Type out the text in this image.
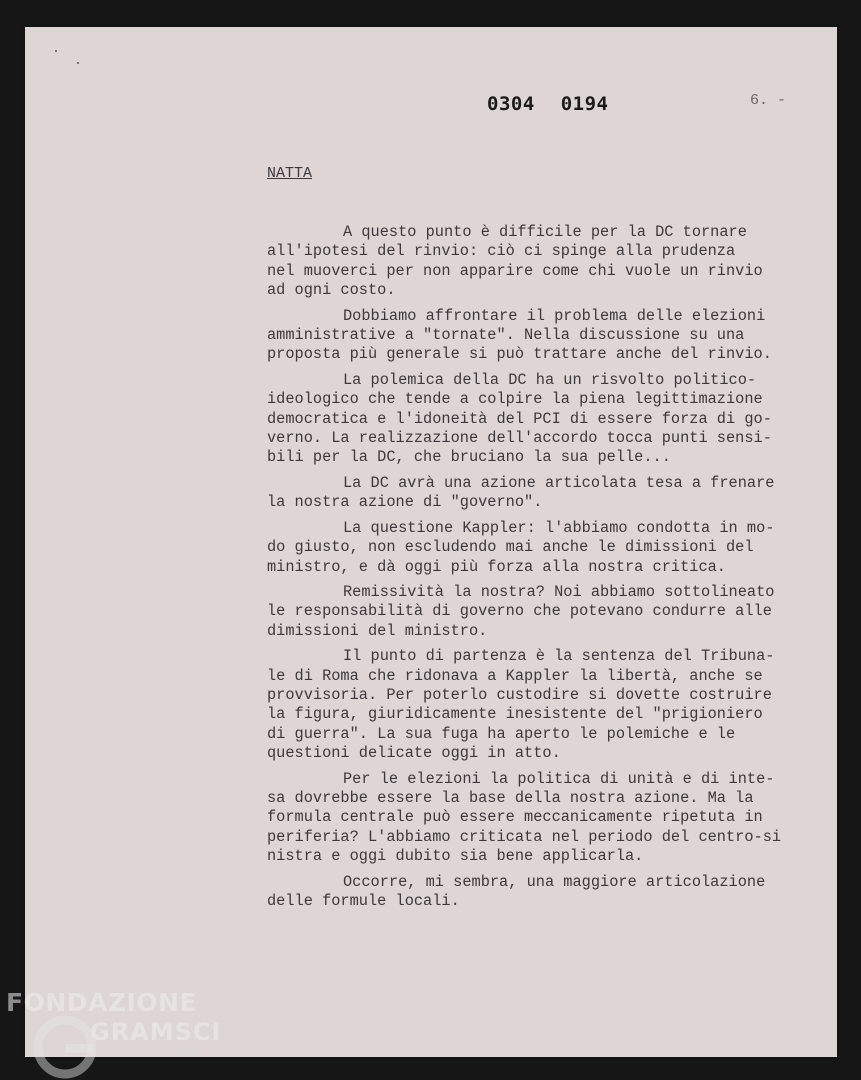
0304 0194	6. -
NATTA
A questo punto è difficile per la DC tornare
all'ipotesi del rinvio: ciò ci spinge alla prudenza
nel muoverci per non apparire come chi vuole un rinvio
ad ogni costo.
Dobbiamo affrontare il problema delle elezioni
amministrative a "tornate". Nella discussione su una
proposta più generale si può trattare anche del rinvio.
La polemica della DC ha un risvolto politico-
ideologico che tende a colpire la piena legittimazione
democratica e l'idoneità del PCI di essere forza di go-
verno. La realizzazione dell'accordo tocca punti sensi-
bili per la DC, che bruciano la sua pelle...
La DC avrà una azione articolata tesa a frenare
la nostra azione di "governo".
La questione Kappler: l'abbiamo condotta in mo-
do giusto, non escludendo mai anche le dimissioni del
ministro, e dà oggi più forza alla nostra critica.
Remissività la nostra? Noi abbiamo sottolineato
le responsabilità di governo che potevano condurre alle
dimissioni del ministro.
Il punto di partenza è la sentenza del Tribuna-
le di Roma che ridonava a Kappler la libertà, anche se
provvisoria. Per poterlo custodire si dovette costruire
la figura, giuridicamente inesistente del "prigioniero
di guerra". La sua fuga ha aperto le polemiche e le
questioni delicate oggi in atto.
Per le elezioni la politica di unità e di inte-
sa dovrebbe essere la base della nostra azione. Ma la
formula centrale può essere meccanicamente ripetuta in
periferia? L'abbiamo criticata nel periodo del centro-si
nistra e oggi dubito sia bene applicarla.
Occorre, mi sembra, una maggiore articolazione
delle formule locali.
FONDAZIONE
GRAMSCI
onlus
